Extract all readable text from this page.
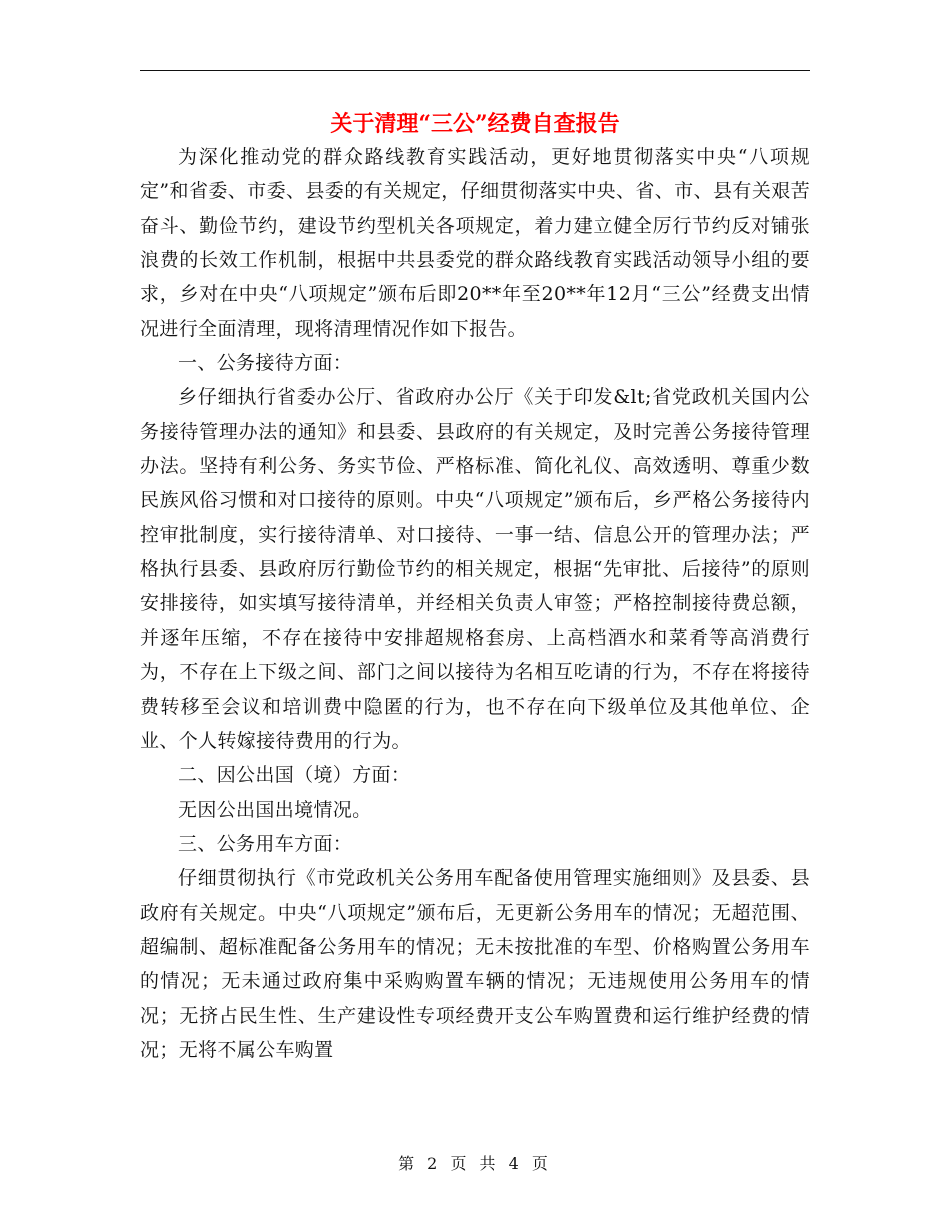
关于清理“三公”经费自查报告

为深化推动党的群众路线教育实践活动，更好地贯彻落实中央“八项规定”和省委、市委、县委的有关规定，仔细贯彻落实中央、省、市、县有关艰苦奋斗、勤俭节约，建设节约型机关各项规定，着力建立健全厉行节约反对铺张浪费的长效工作机制，根据中共县委党的群众路线教育实践活动领导小组的要求，乡对在中央“八项规定”颁布后即20**年至20**年12月“三公”经费支出情况进行全面清理，现将清理情况作如下报告。

一、公务接待方面：

乡仔细执行省委办公厅、省政府办公厅《关于印发&lt;省党政机关国内公务接待管理办法的通知》和县委、县政府的有关规定，及时完善公务接待管理办法。坚持有利公务、务实节俭、严格标准、简化礼仪、高效透明、尊重少数民族风俗习惯和对口接待的原则。中央“八项规定”颁布后，乡严格公务接待内控审批制度，实行接待清单、对口接待、一事一结、信息公开的管理办法；严格执行县委、县政府厉行勤俭节约的相关规定，根据“先审批、后接待”的原则安排接待，如实填写接待清单，并经相关负责人审签；严格控制接待费总额，并逐年压缩，不存在接待中安排超规格套房、上高档酒水和菜肴等高消费行为，不存在上下级之间、部门之间以接待为名相互吃请的行为，不存在将接待费转移至会议和培训费中隐匿的行为，也不存在向下级单位及其他单位、企业、个人转嫁接待费用的行为。

二、因公出国（境）方面：

无因公出国出境情况。

三、公务用车方面：

仔细贯彻执行《市党政机关公务用车配备使用管理实施细则》及县委、县政府有关规定。中央“八项规定”颁布后，无更新公务用车的情况；无超范围、超编制、超标准配备公务用车的情况；无未按批准的车型、价格购置公务用车的情况；无未通过政府集中采购购置车辆的情况；无违规使用公务用车的情况；无挤占民生性、生产建设性专项经费开支公车购置费和运行维护经费的情况；无将不属公车购置

第 2 页 共 4 页
